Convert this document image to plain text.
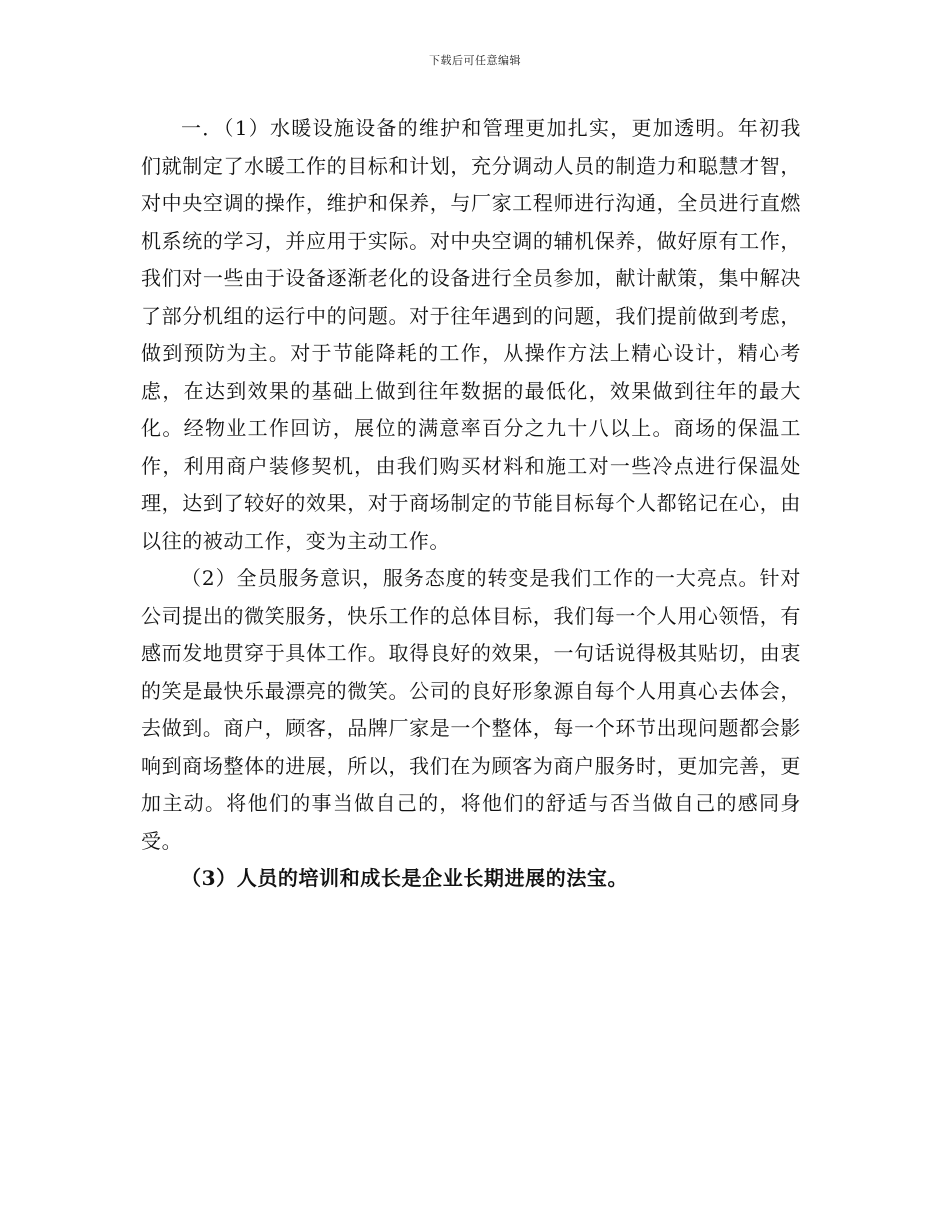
下载后可任意编辑

一．（1）水暖设施设备的维护和管理更加扎实，更加透明。年初我们就制定了水暖工作的目标和计划，充分调动人员的制造力和聪慧才智，对中央空调的操作，维护和保养，与厂家工程师进行沟通，全员进行直燃机系统的学习，并应用于实际。对中央空调的辅机保养，做好原有工作，我们对一些由于设备逐渐老化的设备进行全员参加，献计献策，集中解决了部分机组的运行中的问题。对于往年遇到的问题，我们提前做到考虑，做到预防为主。对于节能降耗的工作，从操作方法上精心设计，精心考虑，在达到效果的基础上做到往年数据的最低化，效果做到往年的最大化。经物业工作回访，展位的满意率百分之九十八以上。商场的保温工作，利用商户装修契机，由我们购买材料和施工对一些冷点进行保温处理，达到了较好的效果，对于商场制定的节能目标每个人都铭记在心，由以往的被动工作，变为主动工作。

（2）全员服务意识，服务态度的转变是我们工作的一大亮点。针对公司提出的微笑服务，快乐工作的总体目标，我们每一个人用心领悟，有感而发地贯穿于具体工作。取得良好的效果，一句话说得极其贴切，由衷的笑是最快乐最漂亮的微笑。公司的良好形象源自每个人用真心去体会，去做到。商户，顾客，品牌厂家是一个整体，每一个环节出现问题都会影响到商场整体的进展，所以，我们在为顾客为商户服务时，更加完善，更加主动。将他们的事当做自己的，将他们的舒适与否当做自己的感同身受。

（3）人员的培训和成长是企业长期进展的法宝。
